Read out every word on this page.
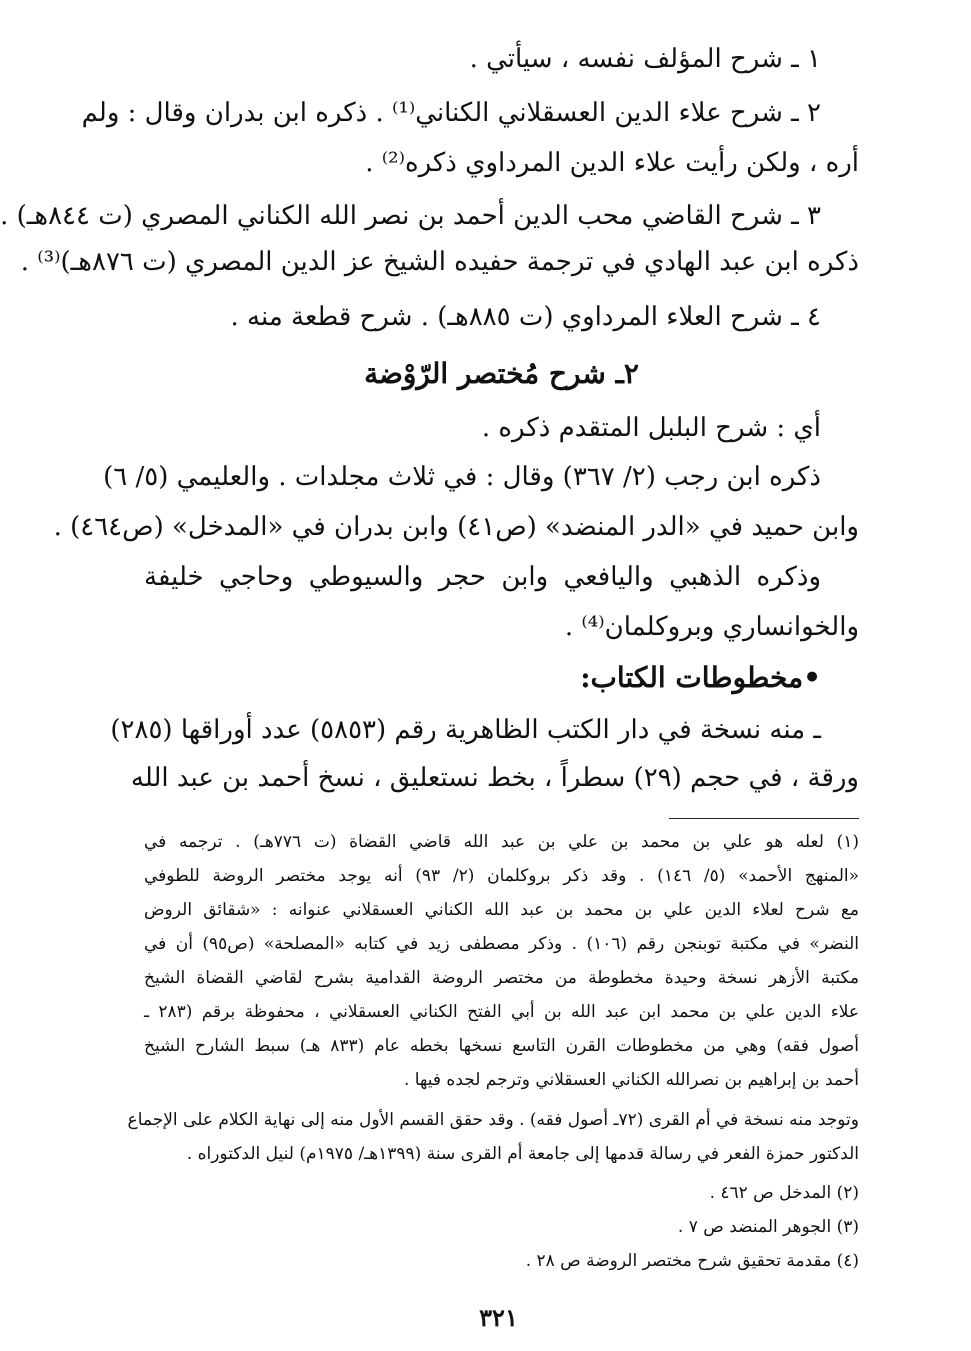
١ ـ شرح المؤلف نفسه ، سيأتي .
٢ ـ شرح علاء الدين العسقلاني الكناني⁽¹⁾ . ذكره ابن بدران وقال : ولم
أره ، ولكن رأيت علاء الدين المرداوي ذكره⁽²⁾ .
٣ ـ شرح القاضي محب الدين أحمد بن نصر الله الكناني المصري (ت ٨٤٤هـ) .
ذكره ابن عبد الهادي في ترجمة حفيده الشيخ عز الدين المصري (ت ٨٧٦هـ)⁽³⁾ .
٤ ـ شرح العلاء المرداوي (ت ٨٨٥هـ) . شرح قطعة منه .
٢ـ شرح مُختصر الرّوْضة
أي : شرح البلبل المتقدم ذكره .
ذكره ابن رجب (٢/ ٣٦٧) وقال : في ثلاث مجلدات . والعليمي (٥/ ٦)
وابن حميد في «الدر المنضد» (ص٤١) وابن بدران في «المدخل» (ص٤٦٤) .
وذكره الذهبي واليافعي وابن حجر والسيوطي وحاجي خليفة
والخوانساري وبروكلمان⁽⁴⁾ .
•مخطوطات الكتاب:
ـ منه نسخة في دار الكتب الظاهرية رقم (٥٨٥٣) عدد أوراقها (٢٨٥)
ورقة ، في حجم (٢٩) سطراً ، بخط نستعليق ، نسخ أحمد بن عبد الله
(١) لعله هو علي بن محمد بن علي بن عبد الله قاضي القضاة (ت ٧٧٦هـ) . ترجمه في
«المنهج الأحمد» (٥/ ١٤٦) . وقد ذكر بروكلمان (٢/ ٩٣) أنه يوجد مختصر الروضة للطوفي
مع شرح لعلاء الدين علي بن محمد بن عبد الله الكناني العسقلاني عنوانه : «شقائق الروض
النضر» في مكتبة توبنجن رقم (١٠٦) . وذكر مصطفى زيد في كتابه «المصلحة» (ص٩٥) أن في
مكتبة الأزهر نسخة وحيدة مخطوطة من مختصر الروضة القدامية بشرح لقاضي القضاة الشيخ
علاء الدين علي بن محمد ابن عبد الله بن أبي الفتح الكناني العسقلاني ، محفوظة برقم (٢٨٣ ـ
أصول فقه) وهي من مخطوطات القرن التاسع نسخها بخطه عام (٨٣٣ هـ) سبط الشارح الشيخ
أحمد بن إبراهيم بن نصرالله الكناني العسقلاني وترجم لجده فيها .
وتوجد منه نسخة في أم القرى (٧٢ـ أصول فقه) . وقد حقق القسم الأول منه إلى نهاية الكلام على الإجماع
الدكتور حمزة الفعر في رسالة قدمها إلى جامعة أم القرى سنة (١٣٩٩هـ/ ١٩٧٥م) لنيل الدكتوراه .
(٢) المدخل ص ٤٦٢ .
(٣) الجوهر المنضد ص ٧ .
(٤) مقدمة تحقيق شرح مختصر الروضة ص ٢٨ .
٣٢١
